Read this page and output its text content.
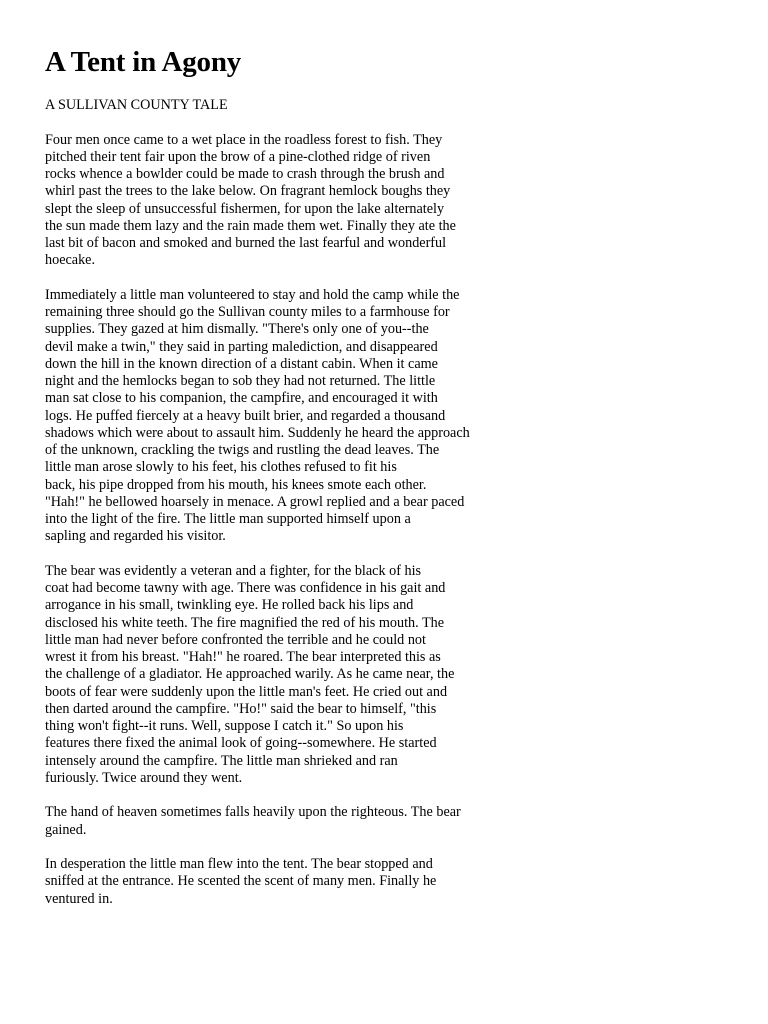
A Tent in Agony

A SULLIVAN COUNTY TALE

Four men once came to a wet place in the roadless forest to fish. They
pitched their tent fair upon the brow of a pine-clothed ridge of riven
rocks whence a bowlder could be made to crash through the brush and
whirl past the trees to the lake below. On fragrant hemlock boughs they
slept the sleep of unsuccessful fishermen, for upon the lake alternately
the sun made them lazy and the rain made them wet. Finally they ate the
last bit of bacon and smoked and burned the last fearful and wonderful
hoecake.

Immediately a little man volunteered to stay and hold the camp while the
remaining three should go the Sullivan county miles to a farmhouse for
supplies. They gazed at him dismally. "There's only one of you--the
devil make a twin," they said in parting malediction, and disappeared
down the hill in the known direction of a distant cabin. When it came
night and the hemlocks began to sob they had not returned. The little
man sat close to his companion, the campfire, and encouraged it with
logs. He puffed fiercely at a heavy built brier, and regarded a thousand
shadows which were about to assault him. Suddenly he heard the approach
of the unknown, crackling the twigs and rustling the dead leaves. The
little man arose slowly to his feet, his clothes refused to fit his
back, his pipe dropped from his mouth, his knees smote each other.
"Hah!" he bellowed hoarsely in menace. A growl replied and a bear paced
into the light of the fire. The little man supported himself upon a
sapling and regarded his visitor.

The bear was evidently a veteran and a fighter, for the black of his
coat had become tawny with age. There was confidence in his gait and
arrogance in his small, twinkling eye. He rolled back his lips and
disclosed his white teeth. The fire magnified the red of his mouth. The
little man had never before confronted the terrible and he could not
wrest it from his breast. "Hah!" he roared. The bear interpreted this as
the challenge of a gladiator. He approached warily. As he came near, the
boots of fear were suddenly upon the little man's feet. He cried out and
then darted around the campfire. "Ho!" said the bear to himself, "this
thing won't fight--it runs. Well, suppose I catch it." So upon his
features there fixed the animal look of going--somewhere. He started
intensely around the campfire. The little man shrieked and ran
furiously. Twice around they went.

The hand of heaven sometimes falls heavily upon the righteous. The bear
gained.

In desperation the little man flew into the tent. The bear stopped and
sniffed at the entrance. He scented the scent of many men. Finally he
ventured in.
